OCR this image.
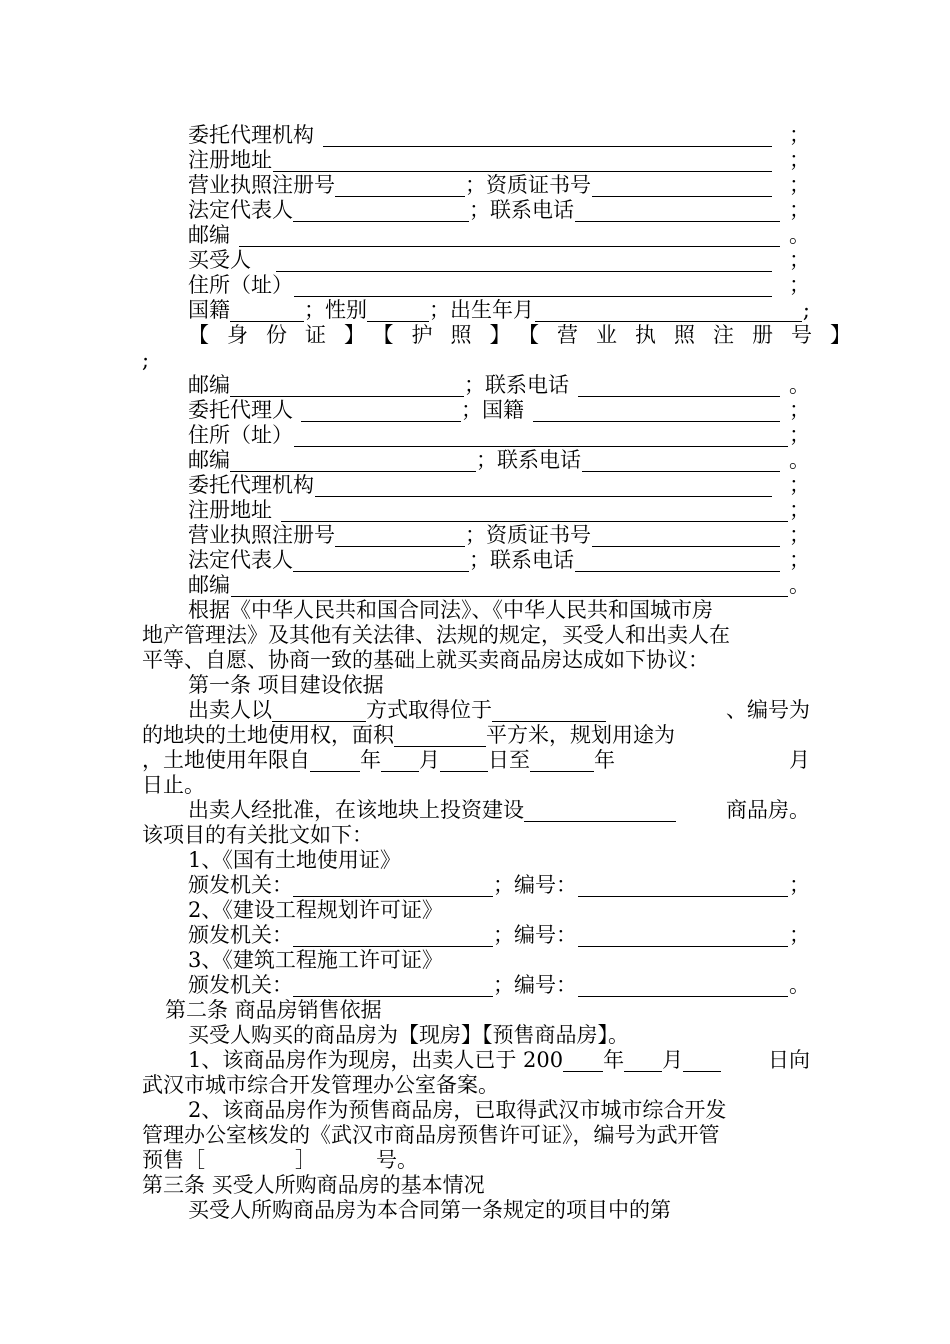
委托代理机构	；
注册地址	；
营业执照注册号	； 资质证书号	；
法定代表人	； 联系电话	；
邮编	。
买受人	；
住所（址）	；
国籍	； 性别	； 出生年月	;
【身份证】【护照】【营业执照注册号】
;
邮编	； 联系电话	。
委托代理人	； 国籍	；
住所（址）	；
邮编	； 联系电话	。
委托代理机构	；
注册地址	；
营业执照注册号	； 资质证书号	；
法定代表人	； 联系电话	；
邮编	。
根据《中华人民共和国合同法》、《中华人民共和国城市房
地产管理法》及其他有关法律、法规的规定，买受人和出卖人在
平等、自愿、协商一致的基础上就买卖商品房达成如下协议：
第一条 项目建设依据
出卖人以	方式取得位于	、编号为
的地块的土地使用权，面积	平方米，规划用途为
，土地使用年限自 年 月 日至	年	月
日止。
出卖人经批准，在该地块上投资建设	商品房。
该项目的有关批文如下：
1、《国有土地使用证》
颁发机关：	； 编号：	；
2、《建设工程规划许可证》
颁发机关：	； 编号：	；
3、《建筑工程施工许可证》
颁发机关：	； 编号：	。
第二条 商品房销售依据
买受人购买的商品房为【现房】【预售商品房】。
1、该商品房作为现房，出卖人已于 200 年 月	日向
武汉市城市综合开发管理办公室备案。
2、该商品房作为预售商品房，已取得武汉市城市综合开发
管理办公室核发的《武汉市商品房预售许可证》，编号为武开管
预售［	］	号。
第三条 买受人所购商品房的基本情况
买受人所购商品房为本合同第一条规定的项目中的第
